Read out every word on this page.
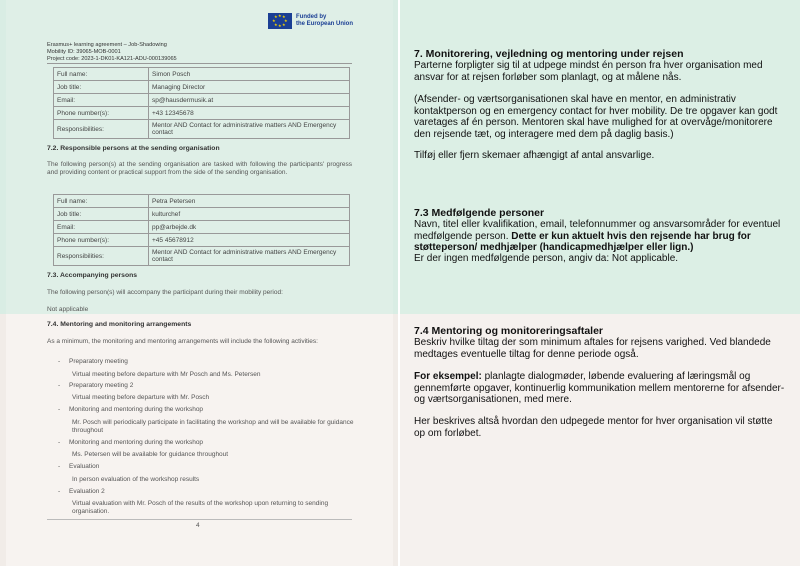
★ ★
★
★
★
★
★
★	Funded by
the European Union
Erasmus+ learning agreement – Job-Shadowing
Mobility ID: 39065-MOB-0001
Project code: 2023-1-DK01-KA121-ADU-000139065
Full name:	Simon Posch
Job title:	Managing Director
Email:	sp@hausdermusik.at
Phone number(s):	+43 12345678
Responsibilities:	Mentor AND Contact for administrative matters AND Emergency contact
7.2. Responsible persons at the sending organisation
The following person(s) at the sending organisation are tasked with following the participants' progress and providing content or practical support from the side of the sending organisation.
Full name:	Petra Petersen
Job title:	kulturchef
Email:	pp@arbejde.dk
Phone number(s):	+45 45678912
Responsibilities:	Mentor AND Contact for administrative matters AND Emergency contact
7.3. Accompanying persons
The following person(s) will accompany the participant during their mobility period:
Not applicable
7.4. Mentoring and monitoring arrangements
As a minimum, the monitoring and mentoring arrangements will include the following activities:
- Preparatory meeting
Virtual meeting before departure with Mr Posch and Ms. Petersen
- Preparatory meeting 2
Virtual meeting before departure with Mr. Posch
- Monitoring and mentoring during the workshop
Mr. Posch will periodically participate in facilitating the workshop and will be available for guidance throughout
- Monitoring and mentoring during the workshop
Ms. Petersen will be available for guidance throughout
- Evaluation
In person evaluation of the workshop results
- Evaluation 2
Virtual evaluation with Mr. Posch of the results of the workshop upon returning to sending organisation.
4
7. Monitorering, vejledning og mentoring under rejsen
Parterne forpligter sig til at udpege mindst én person fra hver organisation med ansvar for at rejsen forløber som planlagt, og at målene nås.
(Afsender- og værtsorganisationen skal have en mentor, en administrativ kontaktperson og en emergency contact for hver mobility. De tre opgaver kan godt varetages af én person. Mentoren skal have mulighed for at overvåge/monitorere den rejsende tæt, og interagere med dem på daglig basis.)
Tilføj eller fjern skemaer afhængigt af antal ansvarlige.
7.3 Medfølgende personer
Navn, titel eller kvalifikation, email, telefonnummer og ansvarsområder for eventuel medfølgende person. Dette er kun aktuelt hvis den rejsende har brug for støtteperson/ medhjælper (handicapmedhjælper eller lign.)
Er der ingen medfølgende person, angiv da: Not applicable.
7.4 Mentoring og monitoreringsaftaler
Beskriv hvilke tiltag der som minimum aftales for rejsens varighed. Ved blandede medtages eventuelle tiltag for denne periode også.
For eksempel: planlagte dialogmøder, løbende evaluering af læringsmål og gennemførte opgaver, kontinuerlig kommunikation mellem mentorerne for afsender- og værtsorganisationen, med mere.
Her beskrives altså hvordan den udpegede mentor for hver organisation vil støtte op om forløbet.
